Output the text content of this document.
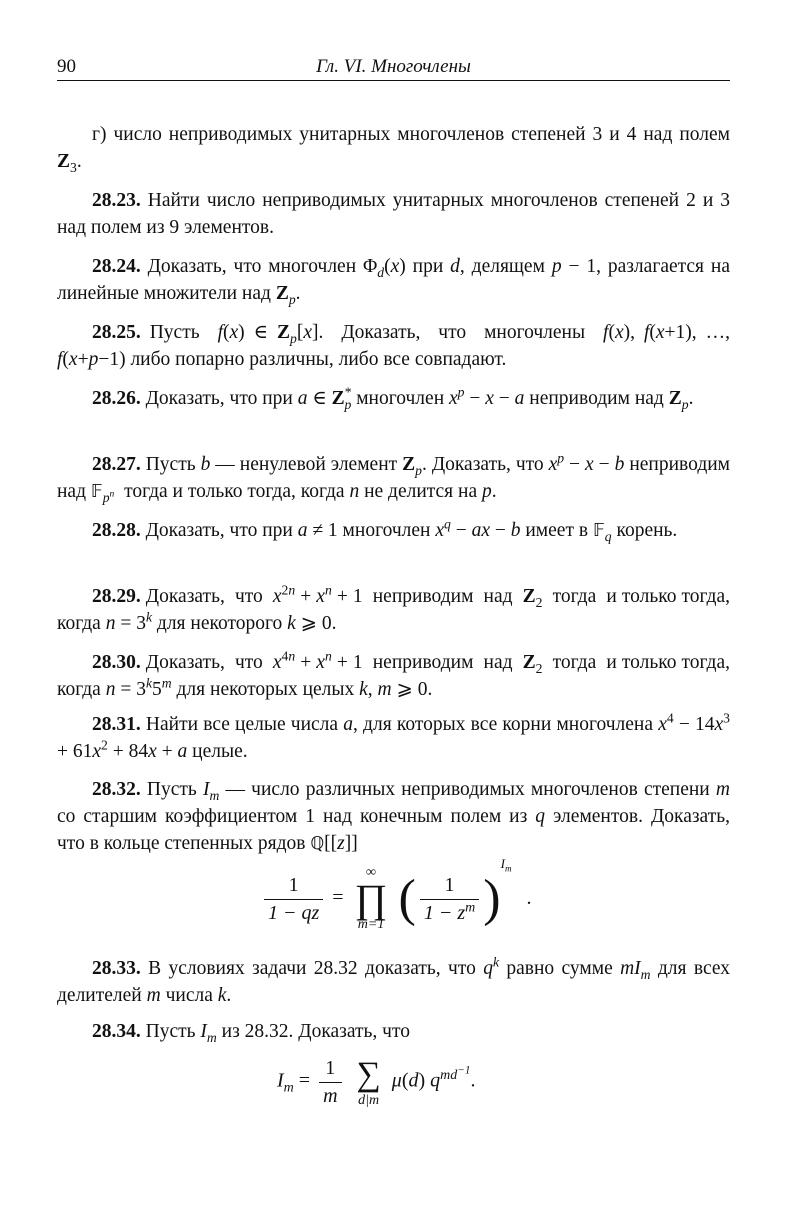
90	Гл. VI. Многочлены

г) число неприводимых унитарных многочленов степеней 3 и 4 над полем $Z_3$.

28.23. Найти число неприводимых унитарных многочленов степеней 2 и 3 над полем из 9 элементов.

28.24. Доказать, что многочлен $\Phi_d(x)$ при d, делящем p − 1, разлагается на линейные множители над $Z_p$.

28.25. Пусть  f(x) ∈ $Z_p[x]$.  Доказать,  что  многочлены  f(x), f(x+1), …, f(x+p−1) либо попарно различны, либо все совпадают.

28.26. Доказать, что при a ∈ $Z^*_p$ многочлен $x^p - x - a$ неприводим над $Z_p$.

28.27. Пусть b — ненулевой элемент $Z_p$. Доказать, что $x^p - x - b$ неприводим над 𝔽$_{p^n}$  тогда и только тогда, когда n не делится на p.

28.28. Доказать, что при a ≠ 1 многочлен $x^q$ − ax − b имеет в 𝔽$_q$ корень.

28.29. Доказать,  что  $x^{2n} + x^n + 1$  неприводим  над  $Z_2$  тогда  и только тогда, когда $n = 3^k$ для некоторого k ⩾ 0.

28.30. Доказать,  что  $x^{4n} + x^n + 1$  неприводим  над  $Z_2$  тогда  и только тогда, когда $n = 3^k5^m$ для некоторых целых k, m ⩾ 0.

28.31. Найти все целые числа a, для которых все корни многочлена $x^4 - 14x^3 + 61x^2 + 84x + a$ целые.

28.32. Пусть $I_m$ — число различных неприводимых многочленов степени m со старшим коэффициентом 1 над конечным полем из q элементов. Доказать, что в кольце степенных рядов ℚ[[z]]

$\frac{1}{1 - qz}$ =
∞
∏
m=1 ( $\frac{1}{1 - z^m} )^{I_m}$ .

28.33. В условиях задачи 28.32 доказать, что $q^k$ равно сумме $mI_m$ для всех делителей m числа k.

28.34. Пусть $I_m$ из 28.32. Доказать, что

$I_m = \frac{1}{m}$
∑
d|m
μ(d) $q^{md^{-1}}$.
